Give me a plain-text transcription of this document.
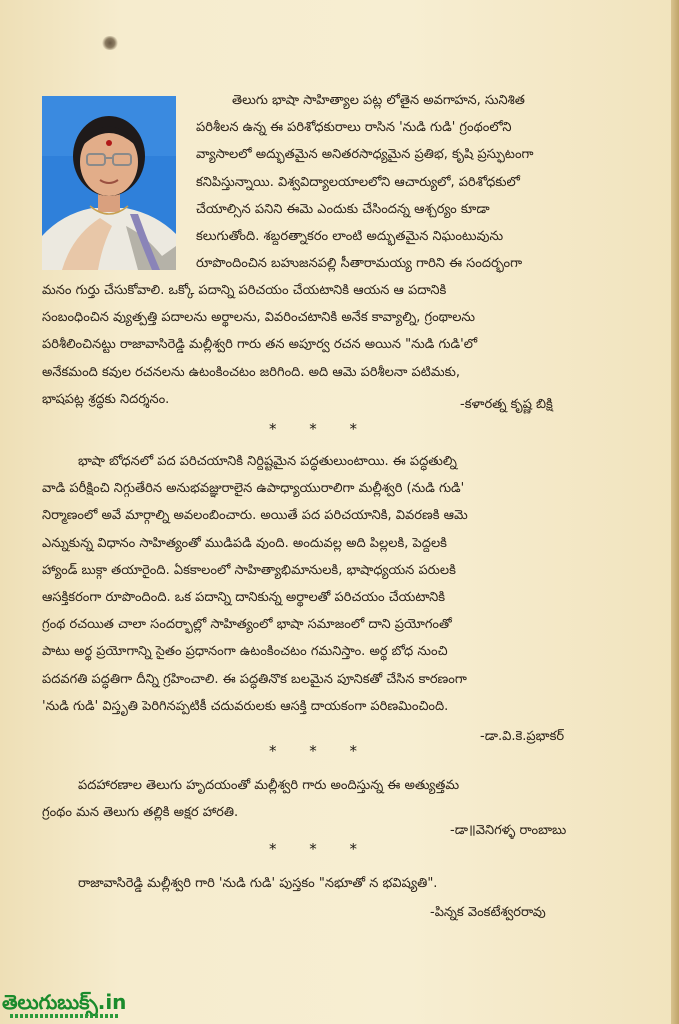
తెలుగు భాషా సాహిత్యాల పట్ల లోతైన అవగాహన, సునిశిత
పరిశీలన ఉన్న ఈ పరిశోధకురాలు రాసిన 'నుడి గుడి' గ్రంథంలోని
వ్యాసాలలో అద్భుతమైన అనితరసాధ్యమైన ప్రతిభ, కృషి ప్రస్ఫుటంగా
కనిపిస్తున్నాయి. విశ్వవిద్యాలయాలలోని ఆచార్యులో, పరిశోధకులో
చేయాల్సిన పనిని ఈమె ఎందుకు చేసిందన్న ఆశ్చర్యం కూడా
కలుగుతోంది. శబ్దరత్నాకరం లాంటి అద్భుతమైన నిఘంటువును
రూపొందించిన బహుజనపల్లి సీతారామయ్య గారిని ఈ సందర్భంగా
మనం గుర్తు చేసుకోవాలి. ఒక్కో పదాన్ని పరిచయం చేయటానికి ఆయన ఆ పదానికి
సంబంధించిన వ్యుత్పత్తి పదాలను అర్థాలను, వివరించటానికి అనేక కావ్యాల్ని, గ్రంథాలను
పరిశీలించినట్టు రాజావాసిరెడ్డి మల్లీశ్వరి గారు తన అపూర్వ రచన అయిన "నుడి గుడి'లో
అనేకమంది కవుల రచనలను ఉటంకించటం జరిగింది. అది ఆమె పరిశీలనా పటిమకు,
భాషపట్ల శ్రద్ధకు నిదర్శనం.	-కళారత్న కృష్ణ బిక్షి
* * *
భాషా బోధనలో పద పరిచయానికి నిర్దిష్టమైన పద్ధతులుంటాయి. ఈ పద్ధతుల్ని
వాడి పరీక్షించి నిగ్గుతేరిన అనుభవజ్ఞురాలైన ఉపాధ్యాయురాలిగా మల్లీశ్వరి (నుడి గుడి'
నిర్మాణంలో అవే మార్గాల్ని అవలంబించారు. అయితే పద పరిచయానికి, వివరణకి ఆమె
ఎన్నుకున్న విధానం సాహిత్యంతో ముడిపడి వుంది. అందువల్ల అది పిల్లలకి, పెద్దలకి
హ్యాండ్ బుక్గా తయారైంది. ఏకకాలంలో సాహిత్యాభిమానులకి, భాషాధ్యయన పరులకి
ఆసక్తికరంగా రూపొందింది. ఒక పదాన్ని దానికున్న అర్థాలతో పరిచయం చేయటానికి
గ్రంథ రచయిత చాలా సందర్భాల్లో సాహిత్యంలో భాషా సమాజంలో దాని ప్రయోగంతో
పాటు అర్థ ప్రయోగాన్ని సైతం ప్రధానంగా ఉటంకించటం గమనిస్తాం. అర్థ బోధ నుంచి
పదవగతి పద్ధతిగా దీన్ని గ్రహించాలి. ఈ పద్ధతినొక బలమైన పూనికతో చేసిన కారణంగా
'నుడి గుడి' విస్తృతి పెరిగినప్పటికీ చదువరులకు ఆసక్తి దాయకంగా పరిణమించింది.
-డా.వి.కె.ప్రభాకర్
* * *
పదహారణాల తెలుగు హృదయంతో మల్లీశ్వరి గారు అందిస్తున్న ఈ అత్యుత్తమ
గ్రంథం మన తెలుగు తల్లికి అక్షర హారతి.
-డా॥వెనిగళ్ళ రాంబాబు
* * *
రాజావాసిరెడ్డి మల్లీశ్వరి గారి 'నుడి గుడి' పుస్తకం "నభూతో న భవిష్యతి".
-పిన్నక వెంకటేశ్వరరావు
తెలుగుబుక్స్.in
